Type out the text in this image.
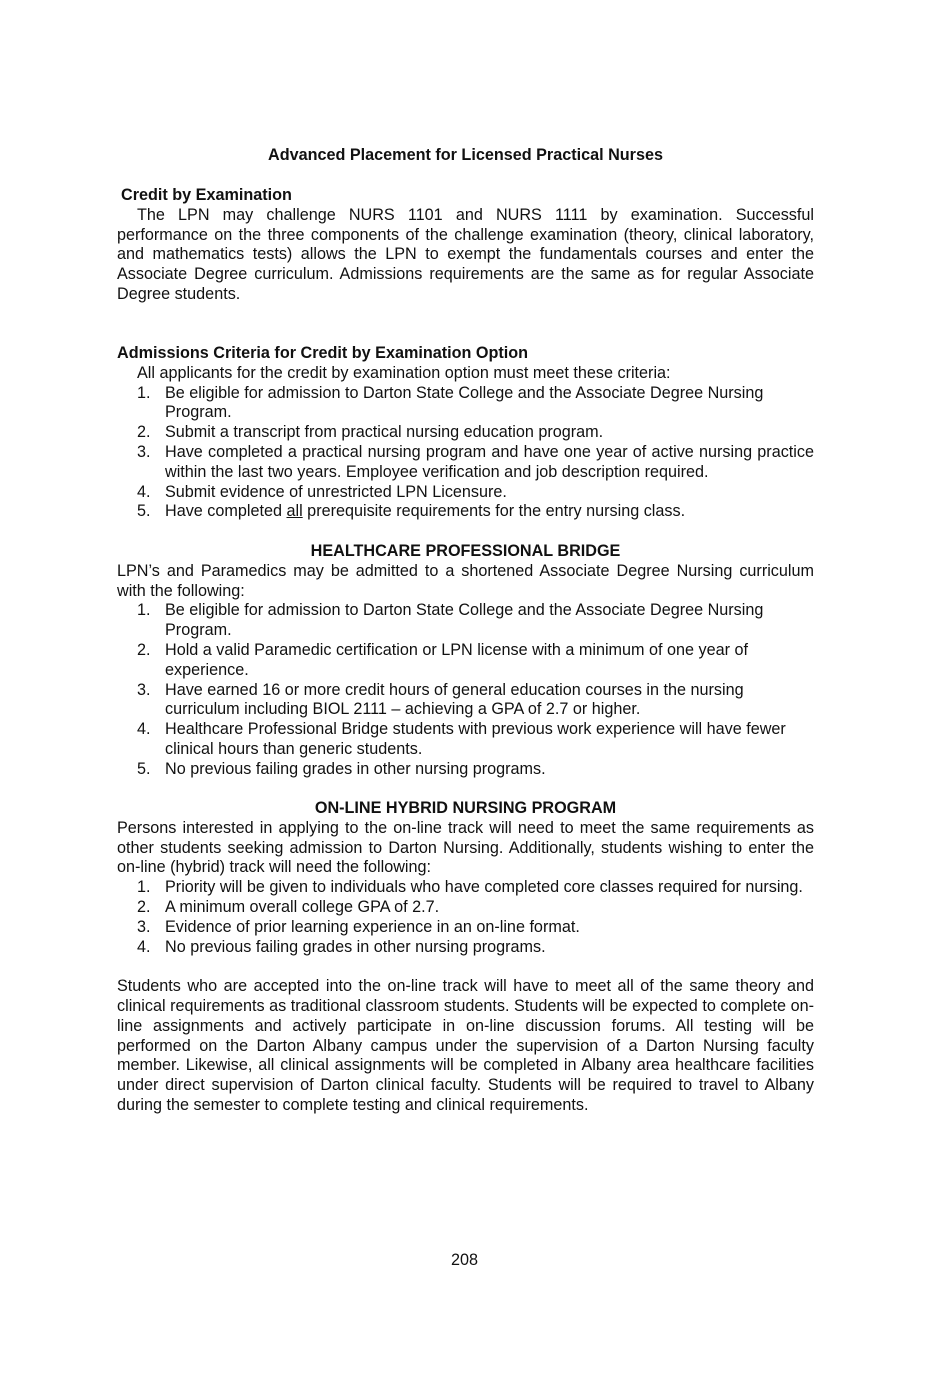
Advanced Placement for Licensed Practical Nurses
Credit by Examination

The LPN may challenge NURS 1101 and NURS 1111 by examination. Successful performance on the three components of the challenge examination (theory, clinical laboratory, and mathematics tests) allows the LPN to exempt the fundamentals courses and enter the Associate Degree curriculum. Admissions requirements are the same as for regular Associate Degree students.

Admissions Criteria for Credit by Examination Option
All applicants for the credit by examination option must meet these criteria:
1. Be eligible for admission to Darton State College and the Associate Degree Nursing Program.
2. Submit a transcript from practical nursing education program.
3. Have completed a practical nursing program and have one year of active nursing practice within the last two years. Employee verification and job description required.
4. Submit evidence of unrestricted LPN Licensure.
5. Have completed all prerequisite requirements for the entry nursing class.
HEALTHCARE PROFESSIONAL BRIDGE

LPN’s and Paramedics may be admitted to a shortened Associate Degree Nursing curriculum with the following:

1. Be eligible for admission to Darton State College and the Associate Degree Nursing Program.
2. Hold a valid Paramedic certification or LPN license with a minimum of one year of experience.
3. Have earned 16 or more credit hours of general education courses in the nursing curriculum including BIOL 2111 – achieving a GPA of 2.7 or higher.
4. Healthcare Professional Bridge students with previous work experience will have fewer clinical hours than generic students.
5. No previous failing grades in other nursing programs.
ON-LINE HYBRID NURSING PROGRAM

Persons interested in applying to the on-line track will need to meet the same requirements as other students seeking admission to Darton Nursing. Additionally, students wishing to enter the on-line (hybrid) track will need the following:

1. Priority will be given to individuals who have completed core classes required for nursing.
2. A minimum overall college GPA of 2.7.
3. Evidence of prior learning experience in an on-line format.
4. No previous failing grades in other nursing programs.

Students who are accepted into the on-line track will have to meet all of the same theory and clinical requirements as traditional classroom students. Students will be expected to complete on-line assignments and actively participate in on-line discussion forums. All testing will be performed on the Darton Albany campus under the supervision of a Darton Nursing faculty member. Likewise, all clinical assignments will be completed in Albany area healthcare facilities under direct supervision of Darton clinical faculty. Students will be required to travel to Albany during the semester to complete testing and clinical requirements.

208
